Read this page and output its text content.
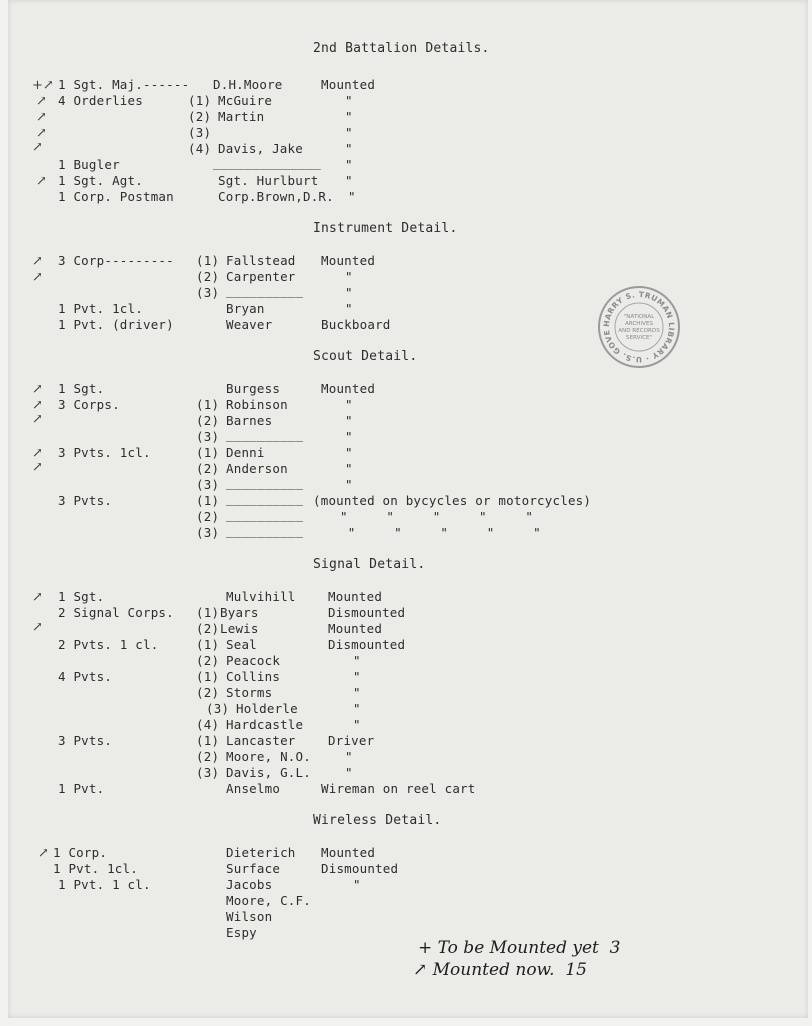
2nd Battalion Details.
+↗ 1 Sgt. Maj.------ D.H.Moore	Mounted
↗ 4 Orderlies	(1) McGuire	"
↗	(2) Martin	"
↗	(3)	"
↗	(4) Davis, Jake	"
1 Bugler	______________ "
↗ 1 Sgt. Agt.	Sgt. Hurlburt "
1 Corp. Postman	Corp.Brown,D.R. "
Instrument Detail.
↗ 3 Corp--------- (1) Fallstead Mounted
↗	(2) Carpenter	"
(3) __________	"
1 Pvt. 1cl.	Bryan	"
1 Pvt. (driver)	Weaver	Buckboard
Scout Detail.
↗ 1 Sgt.	Burgess	Mounted
↗ 3 Corps.	(1) Robinson	"
↗	(2) Barnes	"
(3) __________	"
↗ 3 Pvts. 1cl.	(1) Denni	"
↗	(2) Anderson	"
(3) __________	"
3 Pvts.	(1) __________ (mounted on bycycles or motorcycles)
(2) __________	"     "     "     "     "
(3) __________	"     "     "     "     "
Signal Detail.
↗ 1 Sgt.	Mulvihill	Mounted
2 Signal Corps. (1) Byars	Dismounted
↗	(2) Lewis	Mounted
2 Pvts. 1 cl.	(1) Seal	Dismounted
(2) Peacock	"
4 Pvts.	(1) Collins	"
(2) Storms	"
(3) Holderle	"
(4) Hardcastle	"
3 Pvts.	(1) Lancaster	Driver
(2) Moore, N.O.	"
(3) Davis, G.L.	"
1 Pvt.	Anselmo	Wireman on reel cart
Wireless Detail.
↗ 1 Corp.	Dieterich Mounted
1 Pvt. 1cl.	Surface	Dismounted
1 Pvt. 1 cl.	Jacobs	"
Moore, C.F.
Wilson
Espy
HARRY S. TRUMAN LIBRARY · U.S. GOVE
"NATIONAL ARCHIVES AND RECORDS SERVICE"
+ To be Mounted yet  3
↗ Mounted now.  15
